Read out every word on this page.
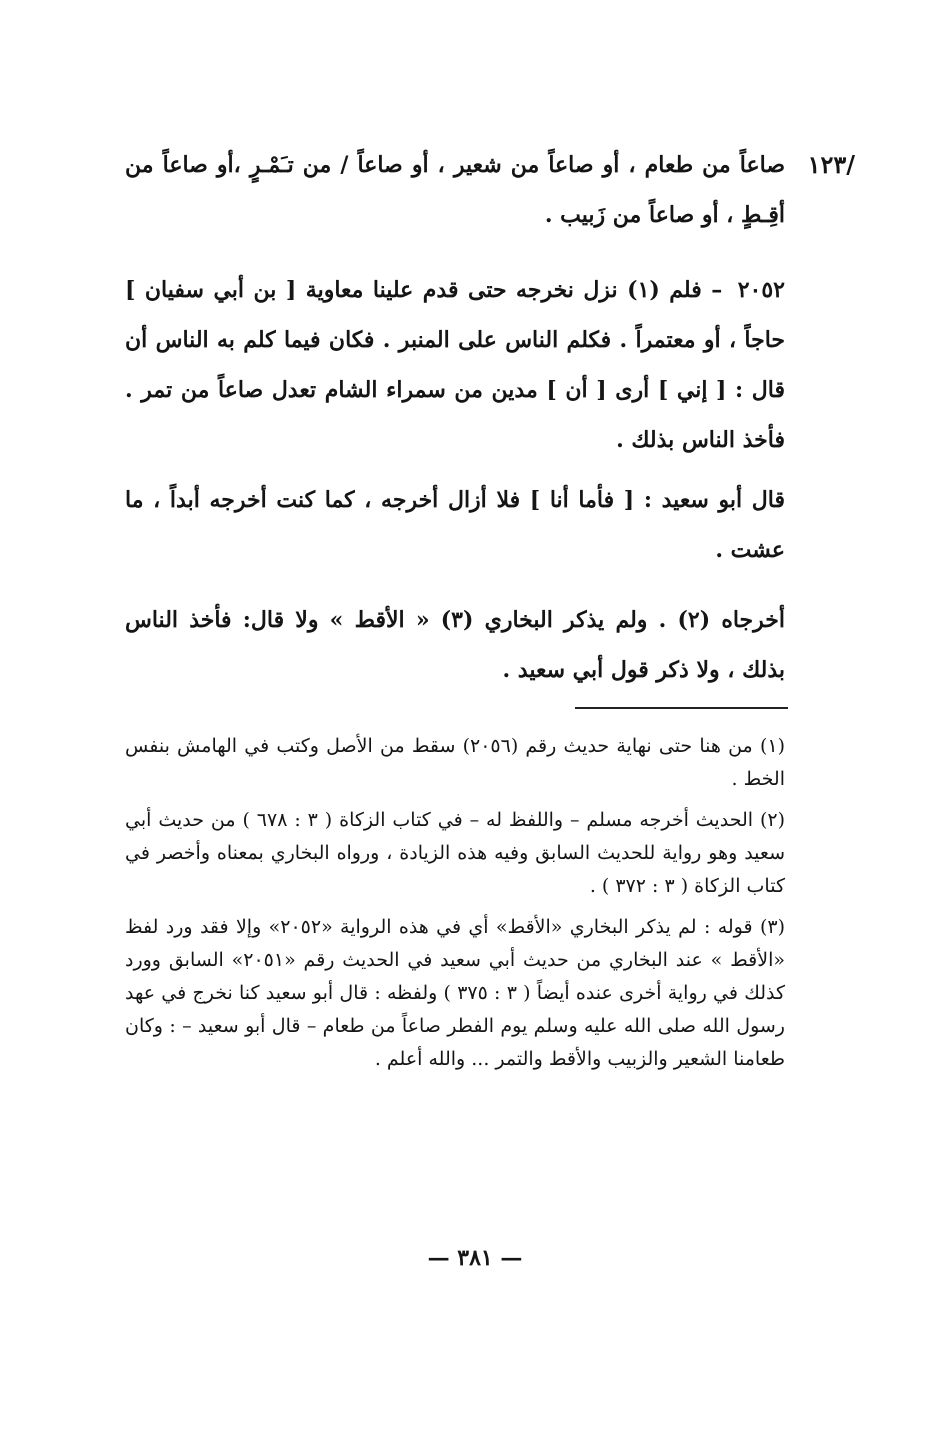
/١٢٣

صاعاً من طعام ، أو صاعاً من شعير ، أو صاعاً / من تـَمْـرٍ ،أو صاعاً من أقِـطٍ ، أو صاعاً من زَبيب .

٢٠٥٢ – فلم (١) نزل نخرجه حتى قدم علينا معاوية [ بن أبي سفيان ] حاجاً ، أو معتمراً . فكلم الناس على المنبر . فكان فيما كلم به الناس أن قال : [ إني ] أرى [ أن ] مدين من سمراء الشام تعدل صاعاً من تمر . فأخذ الناس بذلك .

قال أبو سعيد : [ فأما أنا ] فلا أزال أخرجه ، كما كنت أخرجه أبداً ، ما عشت .

أخرجاه (٢) . ولم يذكر البخاري (٣) « الأقط » ولا قال: فأخذ الناس بذلك ، ولا ذكر قول أبي سعيد .

(١) من هنا حتى نهاية حديث رقم (٢٠٥٦) سقط من الأصل وكتب في الهامش بنفس الخط .

(٢) الحديث أخرجه مسلم – واللفظ له – في كتاب الزكاة ( ٣ : ٦٧٨ ) من حديث أبي سعيد وهو رواية للحديث السابق وفيه هذه الزيادة ، ورواه البخاري بمعناه وأخصر في كتاب الزكاة ( ٣ : ٣٧٢ ) .

(٣) قوله : لم يذكر البخاري «الأقط» أي في هذه الرواية «٢٠٥٢» وإلا فقد ورد لفظ «الأقط » عند البخاري من حديث أبي سعيد في الحديث رقم «٢٠٥١» السابق وورد كذلك في رواية أخرى عنده أيضاً ( ٣ : ٣٧٥ ) ولفظه : قال أبو سعيد كنا نخرج في عهد رسول الله صلى الله عليه وسلم يوم الفطر صاعاً من طعام – قال أبو سعيد – : وكان طعامنا الشعير والزبيب والأقط والتمر ... والله أعلم .

— ٣٨١ —
